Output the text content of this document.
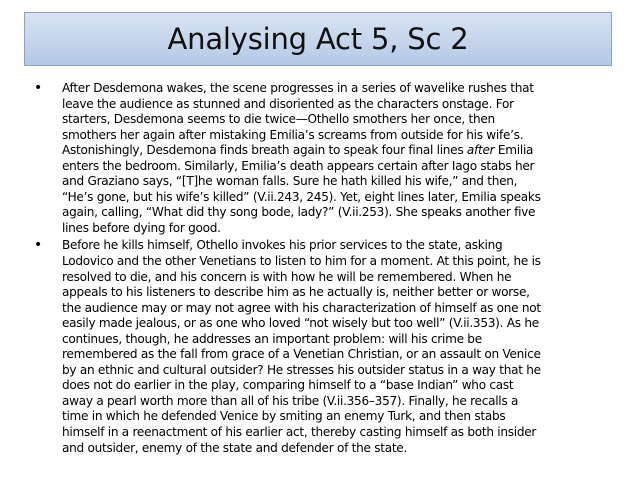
Analysing Act 5, Sc 2
•	After Desdemona wakes, the scene progresses in a series of wavelike rushes that
leave the audience as stunned and disoriented as the characters onstage. For
starters, Desdemona seems to die twice—Othello smothers her once, then
smothers her again after mistaking Emilia’s screams from outside for his wife’s.
Astonishingly, Desdemona finds breath again to speak four final lines after Emilia
enters the bedroom. Similarly, Emilia’s death appears certain after Iago stabs her
and Graziano says, “[T]he woman falls. Sure he hath killed his wife,” and then,
“He’s gone, but his wife’s killed” (V.ii.243, 245). Yet, eight lines later, Emilia speaks
again, calling, “What did thy song bode, lady?” (V.ii.253). She speaks another five
lines before dying for good.
•	Before he kills himself, Othello invokes his prior services to the state, asking
Lodovico and the other Venetians to listen to him for a moment. At this point, he is
resolved to die, and his concern is with how he will be remembered. When he
appeals to his listeners to describe him as he actually is, neither better or worse,
the audience may or may not agree with his characterization of himself as one not
easily made jealous, or as one who loved “not wisely but too well” (V.ii.353). As he
continues, though, he addresses an important problem: will his crime be
remembered as the fall from grace of a Venetian Christian, or an assault on Venice
by an ethnic and cultural outsider? He stresses his outsider status in a way that he
does not do earlier in the play, comparing himself to a “base Indian” who cast
away a pearl worth more than all of his tribe (V.ii.356–357). Finally, he recalls a
time in which he defended Venice by smiting an enemy Turk, and then stabs
himself in a reenactment of his earlier act, thereby casting himself as both insider
and outsider, enemy of the state and defender of the state.
